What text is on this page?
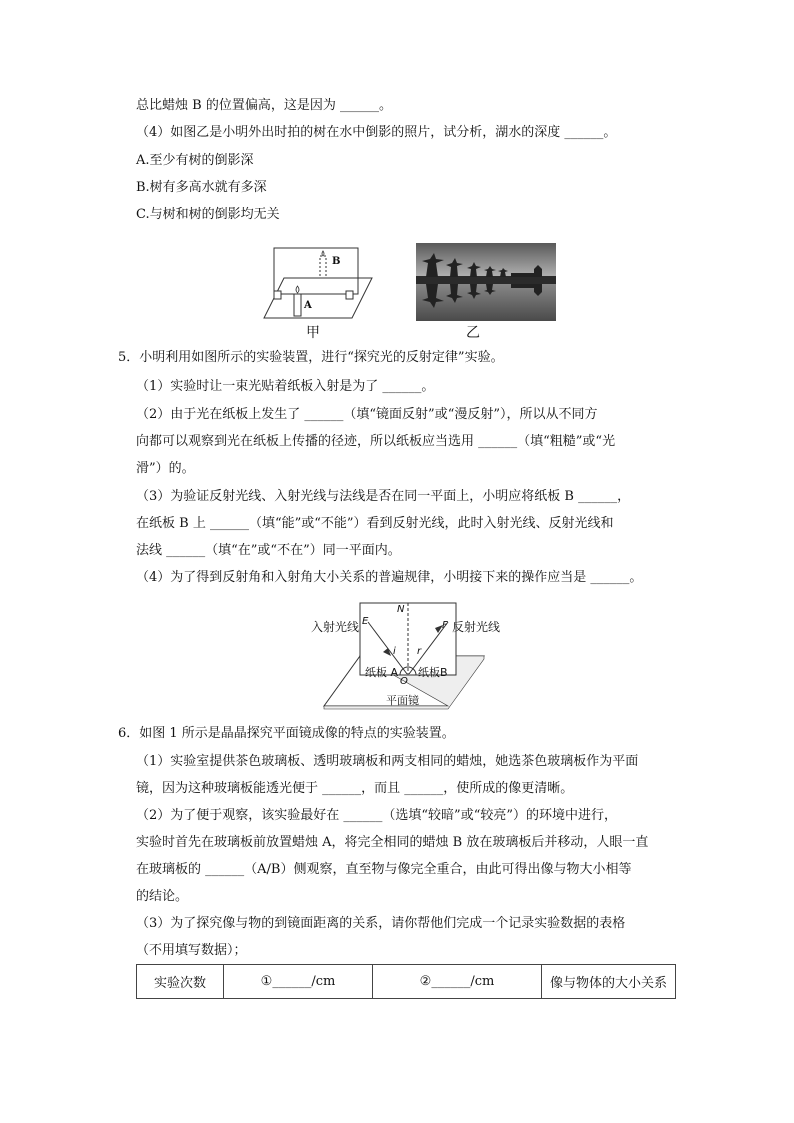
总比蜡烛 B 的位置偏高，这是因为 ______。
（4）如图乙是小明外出时拍的树在水中倒影的照片，试分析，湖水的深度 ______。
A.至少有树的倒影深
B.树有多高水就有多深
C.与树和树的倒影均无关
B
A
甲	乙
5．小明利用如图所示的实验装置，进行“探究光的反射定律”实验。
（1）实验时让一束光贴着纸板入射是为了 ______。
（2）由于光在纸板上发生了 ______（填“镜面反射”或“漫反射”），所以从不同方
向都可以观察到光在纸板上传播的径迹，所以纸板应当选用 ______（填“粗糙”或“光
滑”）的。
（3）为验证反射光线、入射光线与法线是否在同一平面上，小明应将纸板 B ______，
在纸板 B 上 ______（填“能”或“不能”）看到反射光线，此时入射光线、反射光线和
法线 ______（填“在”或“不在”）同一平面内。
（4）为了得到反射角和入射角大小关系的普遍规律，小明接下来的操作应当是 ______。
入射光线	反射光线
N
E	F
i r
纸板 A 纸板B
O
平面镜
6．如图 1 所示是晶晶探究平面镜成像的特点的实验装置。
（1）实验室提供茶色玻璃板、透明玻璃板和两支相同的蜡烛，她选茶色玻璃板作为平面
镜，因为这种玻璃板能透光便于 ______，而且 ______，使所成的像更清晰。
（2）为了便于观察，该实验最好在 ______（选填“较暗”或“较亮”）的环境中进行，
实验时首先在玻璃板前放置蜡烛 A，将完全相同的蜡烛 B 放在玻璃板后并移动，人眼一直
在玻璃板的 ______（A/B）侧观察，直至物与像完全重合，由此可得出像与物大小相等
的结论。
（3）为了探究像与物的到镜面距离的关系，请你帮他们完成一个记录实验数据的表格
（不用填写数据）；
实验次数	①______/cm	②______/cm	像与物体的大小关系
